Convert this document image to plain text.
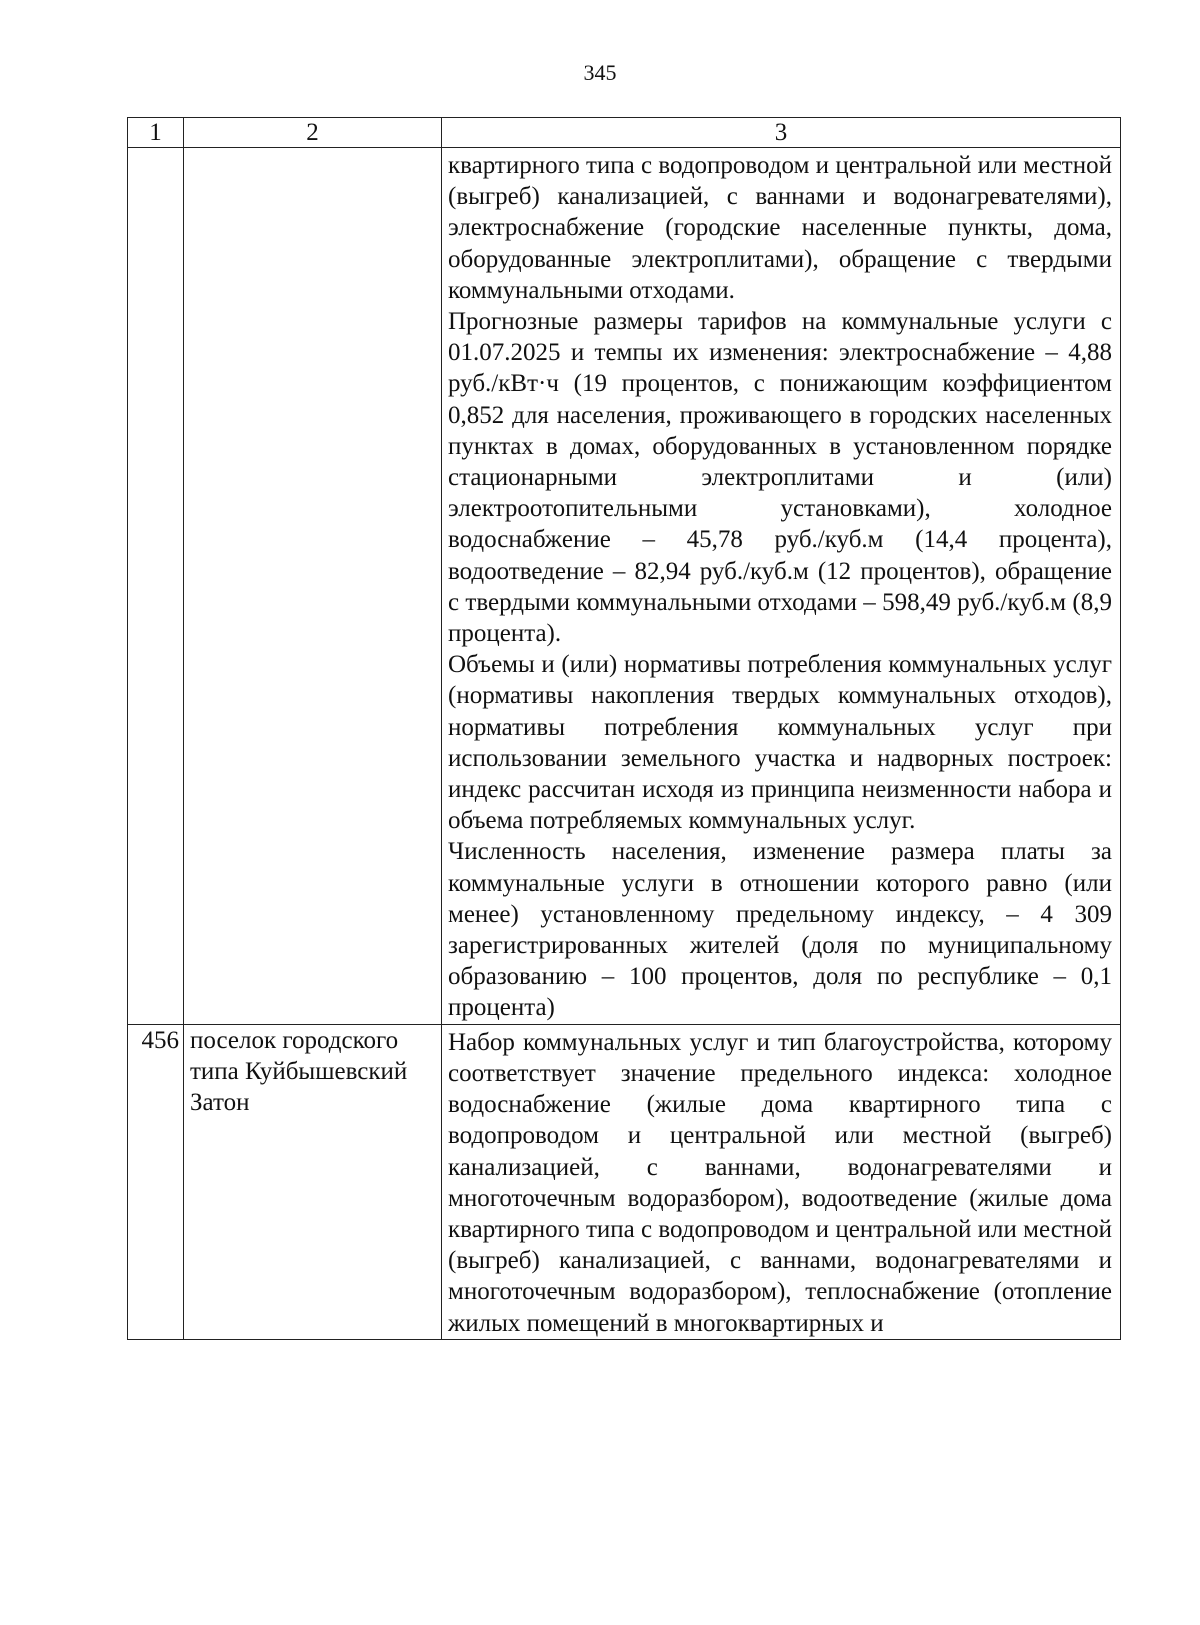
345
1	2	3

		квартирного типа с водопроводом и центральной или местной (выгреб) канализацией, с ваннами и водонагревателями), электроснабжение (городские населенные пункты, дома, оборудованные электроплитами), обращение с твердыми коммунальными отходами.

Прогнозные размеры тарифов на коммунальные услуги с 01.07.2025 и темпы их изменения: электроснабжение – 4,88 руб./кВт·ч (19 процентов, с понижающим коэффициентом 0,852 для населения, проживающего в городских населенных пунктах в домах, оборудованных в установленном порядке стационарными электроплитами и (или) электроотопительными установками), холодное водоснабжение – 45,78 руб./куб.м (14,4 процента), водоотведение – 82,94 руб./куб.м (12 процентов), обращение с твердыми коммунальными отходами – 598,49 руб./куб.м (8,9 процента).

Объемы и (или) нормативы потребления коммунальных услуг (нормативы накопления твердых коммунальных отходов), нормативы потребления коммунальных услуг при использовании земельного участка и надворных построек: индекс рассчитан исходя из принципа неизменности набора и объема потребляемых коммунальных услуг.

Численность населения, изменение размера платы за коммунальные услуги в отношении которого равно (или менее) установленному предельному индексу, – 4 309 зарегистрированных жителей (доля по муниципальному образованию – 100 процентов, доля по республике – 0,1 процента)

456	поселок городского типа Куйбышевский Затон	Набор коммунальных услуг и тип благоустройства, которому соответствует значение предельного индекса: холодное водоснабжение (жилые дома квартирного типа с водопроводом и центральной или местной (выгреб) канализацией, с ваннами, водонагревателями и многоточечным водоразбором), водоотведение (жилые дома квартирного типа с водопроводом и центральной или местной (выгреб) канализацией, с ваннами, водонагревателями и многоточечным водоразбором), теплоснабжение (отопление жилых помещений в многоквартирных и
